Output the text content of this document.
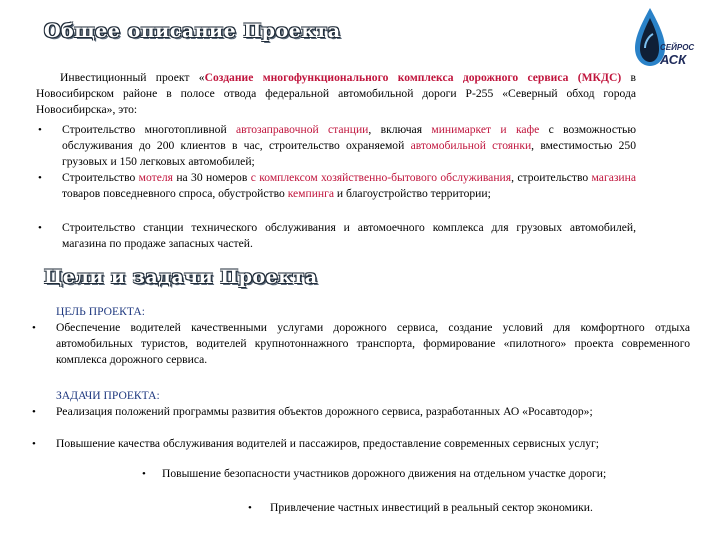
Общее описание Проекта
СЕЙРОС
АСК

Инвестиционный проект «Создание многофункционального комплекса дорожного сервиса (МКДС) в Новосибирском районе в полосе отвода федеральной автомобильной дороги Р-255 «Северный обход города Новосибирска», это:

• Строительство многотопливной автозаправочной станции, включая минимаркет и кафе с возможностью обслуживания до 200 клиентов в час, строительство охраняемой автомобильной стоянки, вместимостью 250 грузовых и 150 легковых автомобилей;

• Строительство мотеля на 30 номеров с комплексом хозяйственно-бытового обслуживания, строительство магазина товаров повседневного спроса, обустройство кемпинга и благоустройство территории;

• Строительство станции технического обслуживания и автомоечного комплекса для грузовых автомобилей, магазина по продаже запасных частей.

Цели и задачи Проекта

ЦЕЛЬ ПРОЕКТА:

• Обеспечение водителей качественными услугами дорожного сервиса, создание условий для комфортного отдыха автомобильных туристов, водителей крупнотоннажного транспорта, формирование «пилотного» проекта современного комплекса дорожного сервиса.

ЗАДАЧИ ПРОЕКТА:

• Реализация положений программы развития объектов дорожного сервиса, разработанных АО «Росавтодор»;

• Повышение качества обслуживания водителей и пассажиров, предоставление современных сервисных услуг;

• Повышение безопасности участников дорожного движения на отдельном участке дороги;

• Привлечение частных инвестиций в реальный сектор экономики.
